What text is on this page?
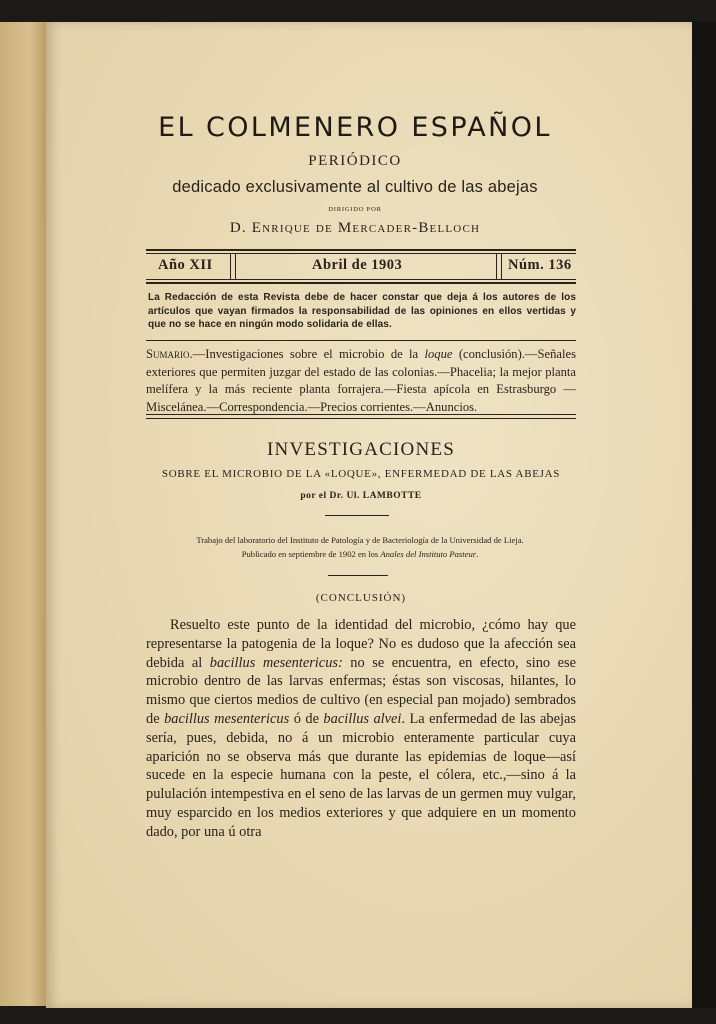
EL COLMENERO ESPAÑOL
PERIÓDICO
dedicado exclusivamente al cultivo de las abejas
DIRIGIDO POR
D. Enrique de Mercader-Belloch
Año XII	Abril de 1903	Núm. 136
La Redacción de esta Revista debe de hacer constar que deja á los autores de los artículos que vayan firmados la responsabilidad de las opiniones en ellos vertidas y que no se hace en ningún modo solidaria de ellas.
Sumario.—Investigaciones sobre el microbio de la loque (conclusión).—Señales exteriores que permiten juzgar del estado de las colonias.—Phacelia; la mejor planta melífera y la más reciente planta forrajera.—Fiesta apícola en Estrasburgo —Miscelánea.—Correspondencia.—Precios corrientes.—Anuncios.
INVESTIGACIONES
SOBRE EL MICROBIO DE LA «LOQUE», ENFERMEDAD DE LAS ABEJAS
por el Dr. Ul. LAMBOTTE
Trabajo del laboratorio del Instituto de Patología y de Bacteriología de la Universidad de Lieja.
Publicado en septiembre de 1902 en los Anales del Instituto Pasteur.
(CONCLUSIÓN)

Resuelto este punto de la identidad del microbio, ¿cómo hay que representarse la patogenia de la loque? No es dudoso que la afección sea debida al bacillus mesentericus: no se encuentra, en efecto, sino ese microbio dentro de las larvas enfermas; éstas son viscosas, hilantes, lo mismo que ciertos medios de cultivo (en especial pan mojado) sembrados de bacillus mesentericus ó de bacillus alvei. La enfermedad de las abejas sería, pues, debida, no á un microbio enteramente particular cuya aparición no se observa más que durante las epidemias de loque—así sucede en la especie humana con la peste, el cólera, etc.,—sino á la pululación intempestiva en el seno de las larvas de un germen muy vulgar, muy esparcido en los medios exteriores y que adquiere en un momento dado, por una ú otra
